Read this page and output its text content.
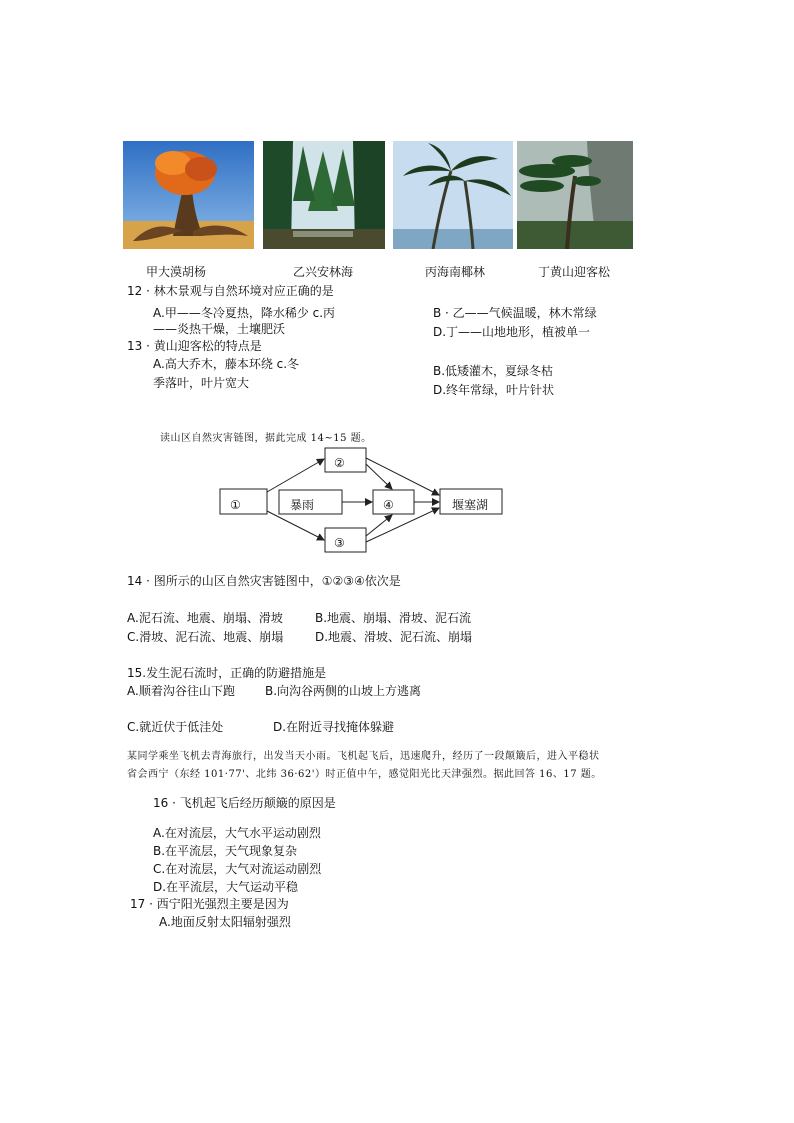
甲大漠胡杨	乙兴安林海	丙海南椰林	丁黄山迎客松
12 · 林木景观与自然环境对应正确的是
A.甲——冬冷夏热，降水稀少 c.丙
——炎热干燥，土壤肥沃
B · 乙——气候温暖，林木常绿
D.丁——山地地形，植被单一
13 · 黄山迎客松的特点是
A.高大乔木，藤本环绕 c.冬
季落叶，叶片宽大
B.低矮灌木，夏绿冬枯
D.终年常绿，叶片针状
读山区自然灾害链图，据此完成 14~15 题。
①
②
暴雨	④
③
堰塞湖
14 · 图所示的山区自然灾害链图中，①②③④依次是
A.泥石流、地震、崩塌、滑坡	B.地震、崩塌、滑坡、泥石流
C.滑坡、泥石流、地震、崩塌	D.地震、滑坡、泥石流、崩塌
15.发生泥石流时，正确的防避措施是
A.顺着沟谷往山下跑	B.向沟谷两侧的山坡上方逃离
C.就近伏于低洼处	D.在附近寻找掩体躲避
某同学乘坐飞机去青海旅行，出发当天小雨。飞机起飞后，迅速爬升，经历了一段颠簸后，进入平稳状
省会西宁（东经 101·77'、北纬 36·62'）时正值中午，感觉阳光比天津强烈。据此回答 16、17 题。
16 · 飞机起飞后经历颠簸的原因是
A.在对流层，大气水平运动剧烈
B.在平流层，天气现象复杂
C.在对流层，大气对流运动剧烈
D.在平流层，大气运动平稳
17 · 西宁阳光强烈主要是因为
A.地面反射太阳辐射强烈
